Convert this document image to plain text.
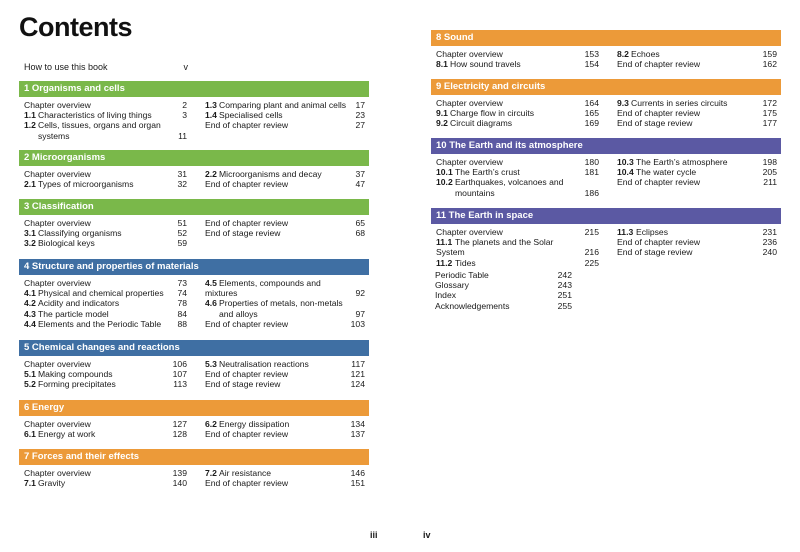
Contents
How to use this book	v
1 Organisms and cells
Chapter overview	2
1.1 Characteristics of living things	3
1.2 Cells, tissues, organs and organ
systems	11
1.3 Comparing plant and animal cells 17
1.4 Specialised cells	23
End of chapter review	27
2 Microorganisms
Chapter overview	31
2.1 Types of microorganisms	32
2.2 Microorganisms and decay	37
End of chapter review	47
3 Classification
Chapter overview	51
3.1 Classifying organisms	52
3.2 Biological keys	59
End of chapter review	65
End of stage review	68
4 Structure and properties of materials
Chapter overview	73
4.1 Physical and chemical properties 74
4.2 Acidity and indicators	78
4.3 The particle model	84
4.4 Elements and the Periodic Table 88
4.5 Elements, compounds and mixtures	92
4.6 Properties of metals, non-metals
and alloys	97
End of chapter review	103
5 Chemical changes and reactions
Chapter overview	106
5.1 Making compounds	107
5.2 Forming precipitates	113
5.3 Neutralisation reactions	117
End of chapter review	121
End of stage review	124
6 Energy
Chapter overview	127
6.1 Energy at work	128
6.2 Energy dissipation	134
End of chapter review	137
7 Forces and their effects
Chapter overview	139
7.1 Gravity	140
7.2 Air resistance	146
End of chapter review	151
8 Sound
Chapter overview	153
8.1 How sound travels	154
8.2 Echoes	159
End of chapter review	162
9 Electricity and circuits
Chapter overview	164
9.1 Charge flow in circuits	165
9.2 Circuit diagrams	169
9.3 Currents in series circuits	172
End of chapter review	175
End of stage review	177
10 The Earth and its atmosphere
Chapter overview	180
10.1 The Earth’s crust	181
10.2 Earthquakes, volcanoes and
mountains	186
10.3 The Earth’s atmosphere	198
10.4 The water cycle	205
End of chapter review	211
11 The Earth in space
Chapter overview	215
11.1 The planets and the Solar System	216
11.2 Tides	225
11.3 Eclipses	231
End of chapter review	236
End of stage review	240
Periodic Table	242
Glossary	243
Index	251
Acknowledgements	255
iii	iv
